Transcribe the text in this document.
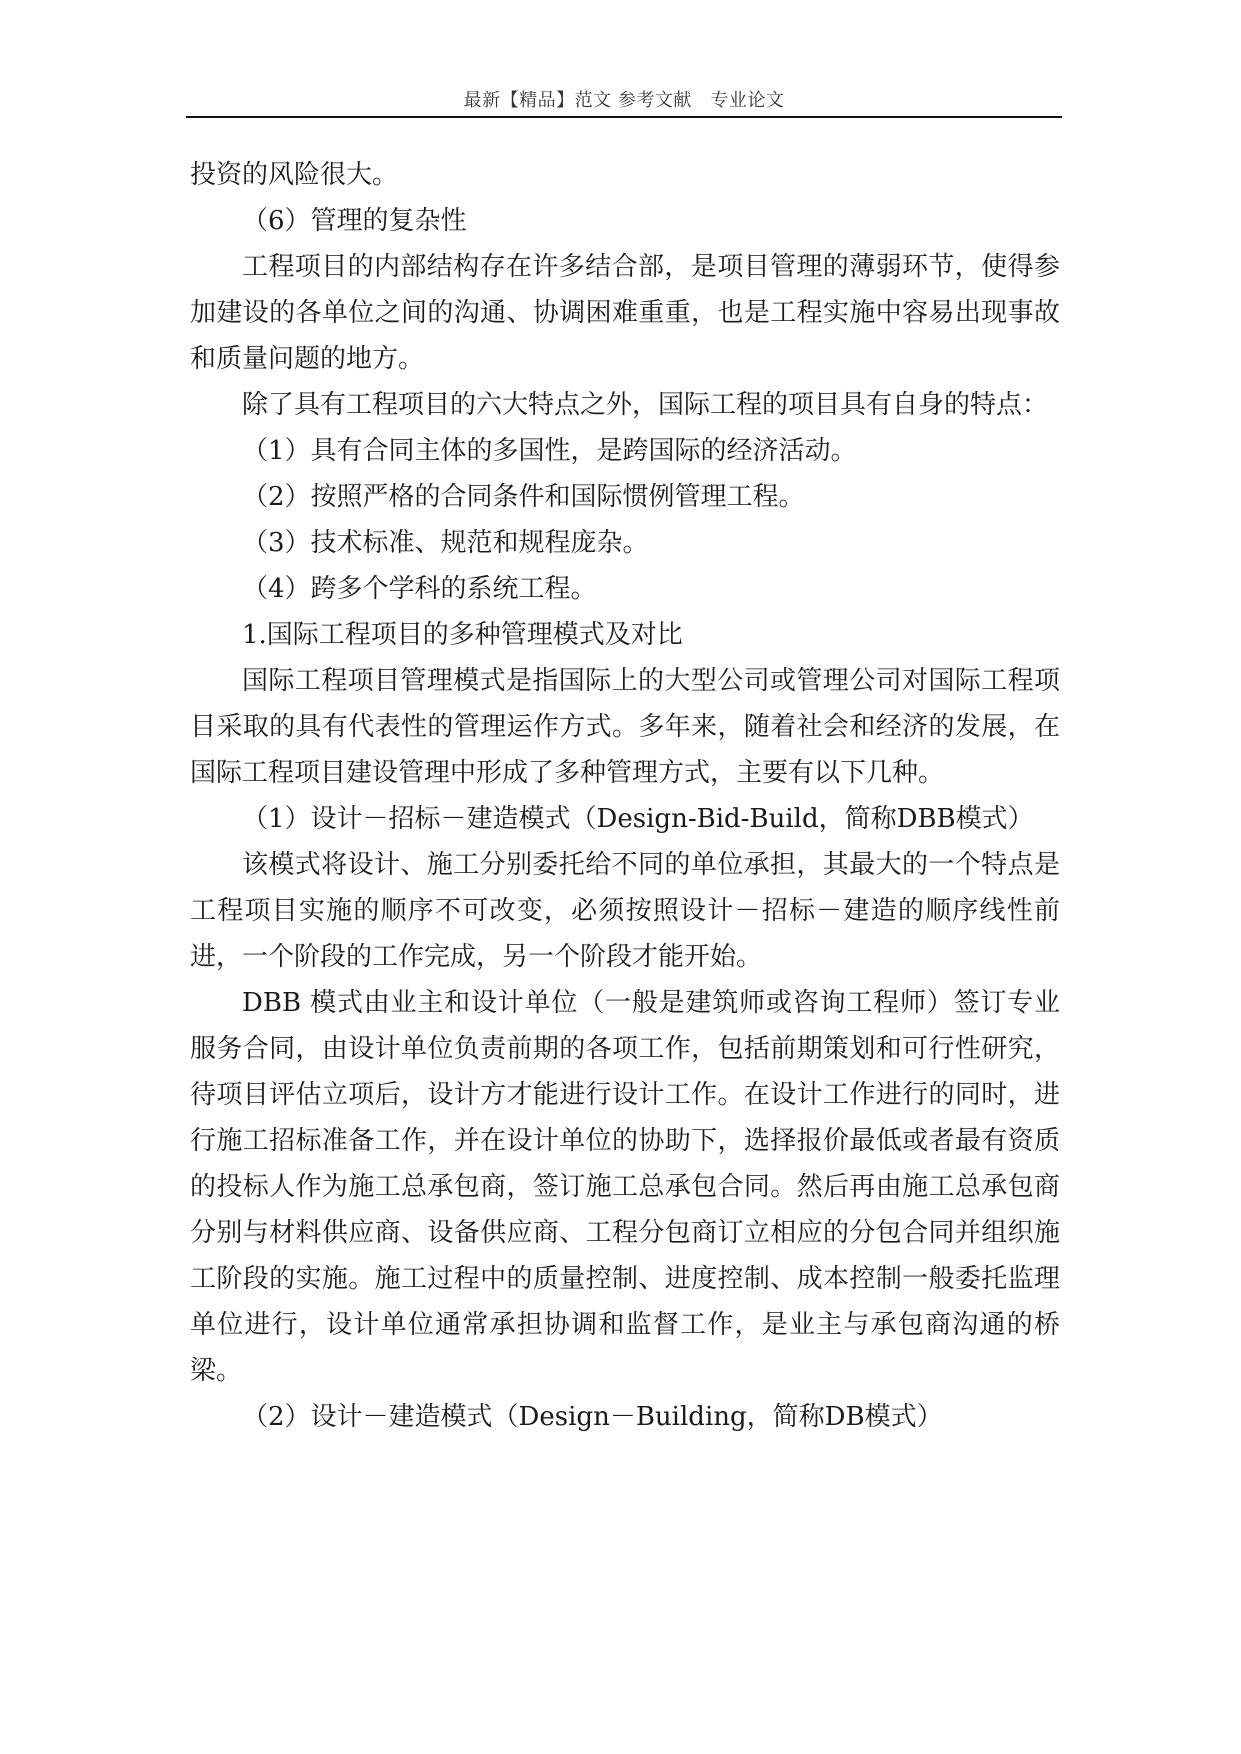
最新【精品】范文 参考文献　专业论文

投资的风险很大。

（6）管理的复杂性

工程项目的内部结构存在许多结合部，是项目管理的薄弱环节，使得参加建设的各单位之间的沟通、协调困难重重，也是工程实施中容易出现事故和质量问题的地方。

除了具有工程项目的六大特点之外，国际工程的项目具有自身的特点：

（1）具有合同主体的多国性，是跨国际的经济活动。

（2）按照严格的合同条件和国际惯例管理工程。

（3）技术标准、规范和规程庞杂。

（4）跨多个学科的系统工程。

1.国际工程项目的多种管理模式及对比

国际工程项目管理模式是指国际上的大型公司或管理公司对国际工程项目采取的具有代表性的管理运作方式。多年来，随着社会和经济的发展，在国际工程项目建设管理中形成了多种管理方式，主要有以下几种。

（1）设计－招标－建造模式（Design-Bid-Build，简称DBB模式）

该模式将设计、施工分别委托给不同的单位承担，其最大的一个特点是工程项目实施的顺序不可改变，必须按照设计－招标－建造的顺序线性前进，一个阶段的工作完成，另一个阶段才能开始。

DBB 模式由业主和设计单位（一般是建筑师或咨询工程师）签订专业服务合同，由设计单位负责前期的各项工作，包括前期策划和可行性研究，待项目评估立项后，设计方才能进行设计工作。在设计工作进行的同时，进行施工招标准备工作，并在设计单位的协助下，选择报价最低或者最有资质的投标人作为施工总承包商，签订施工总承包合同。然后再由施工总承包商分别与材料供应商、设备供应商、工程分包商订立相应的分包合同并组织施工阶段的实施。施工过程中的质量控制、进度控制、成本控制一般委托监理单位进行，设计单位通常承担协调和监督工作，是业主与承包商沟通的桥梁。

（2）设计－建造模式（Design－Building，简称DB模式）
